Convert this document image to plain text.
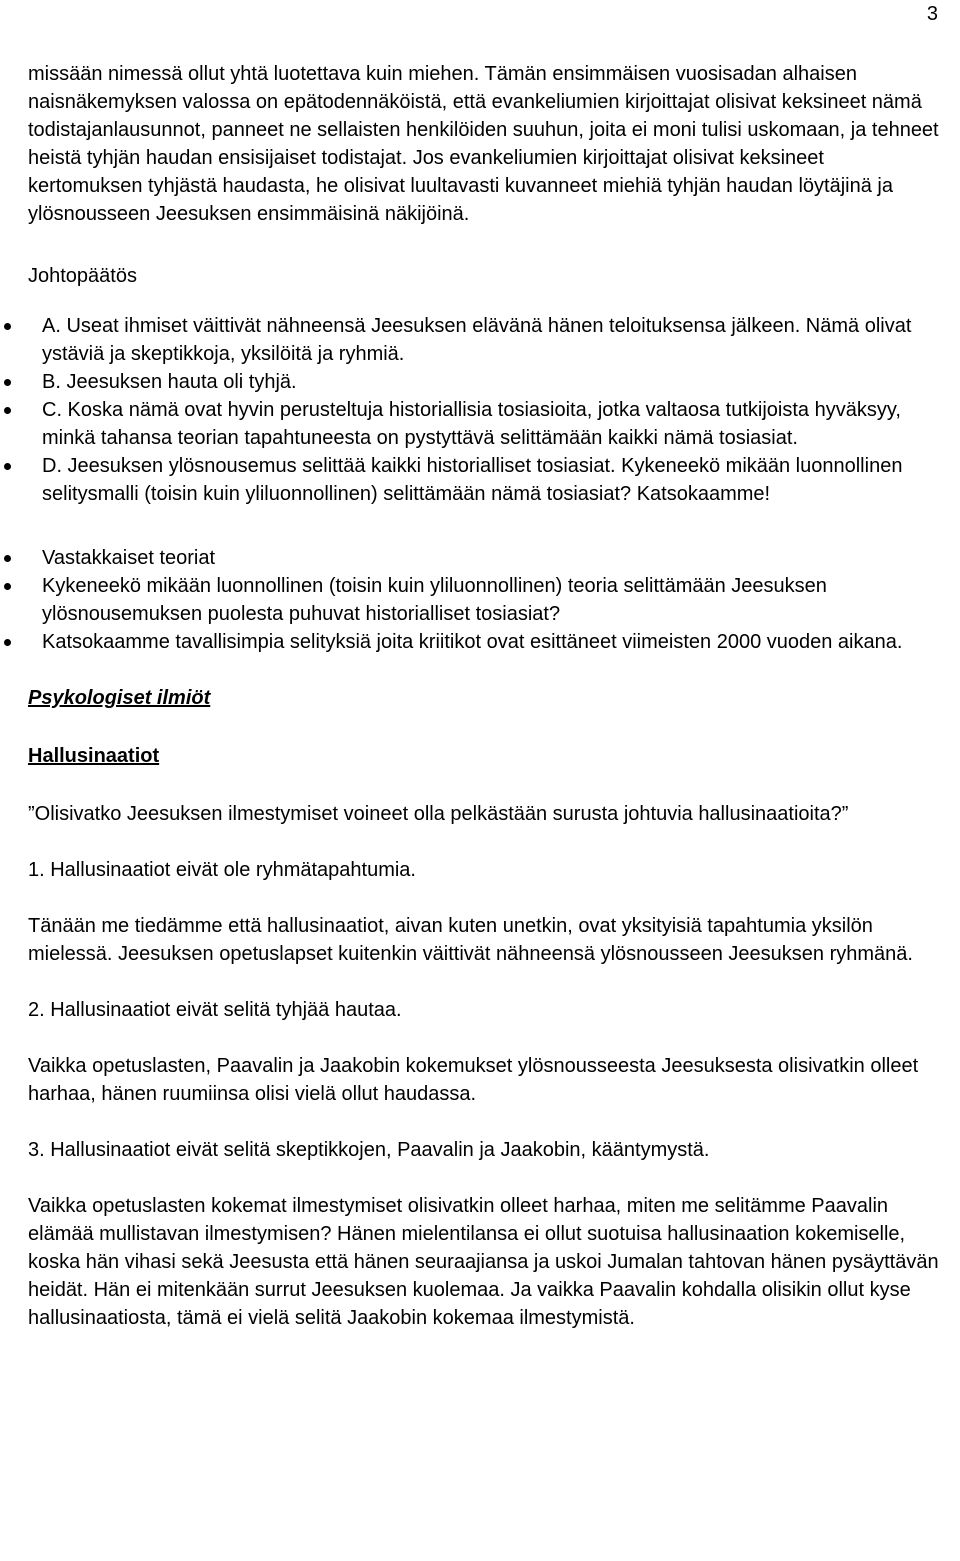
3

missään nimessä ollut yhtä luotettava kuin miehen. Tämän ensimmäisen vuosisadan alhaisen naisnäkemyksen valossa on epätodennäköistä, että evankeliumien kirjoittajat olisivat keksineet nämä todistajanlausunnot, panneet ne sellaisten henkilöiden suuhun, joita ei moni tulisi uskomaan, ja tehneet heistä tyhjän haudan ensisijaiset todistajat. Jos evankeliumien kirjoittajat olisivat keksineet kertomuksen tyhjästä haudasta, he olisivat luultavasti kuvanneet miehiä tyhjän haudan löytäjinä ja ylösnousseen Jeesuksen ensimmäisinä näkijöinä.

Johtopäätös

A. Useat ihmiset väittivät nähneensä Jeesuksen elävänä hänen teloituksensa jälkeen. Nämä olivat ystäviä ja skeptikkoja, yksilöitä ja ryhmiä.
B. Jeesuksen hauta oli tyhjä.
C. Koska nämä ovat hyvin perusteltuja historiallisia tosiasioita, jotka valtaosa tutkijoista hyväksyy, minkä tahansa teorian tapahtuneesta on pystyttävä selittämään kaikki nämä tosiasiat.
D. Jeesuksen ylösnousemus selittää kaikki historialliset tosiasiat. Kykeneekö mikään luonnollinen selitysmalli (toisin kuin yliluonnollinen) selittämään nämä tosiasiat? Katsokaamme!
Vastakkaiset teoriat
Kykeneekö mikään luonnollinen (toisin kuin yliluonnollinen) teoria selittämään Jeesuksen ylösnousemuksen puolesta puhuvat historialliset tosiasiat?
Katsokaamme tavallisimpia selityksiä joita kriitikot ovat esittäneet viimeisten 2000 vuoden aikana.

Psykologiset ilmiöt

Hallusinaatiot

”Olisivatko Jeesuksen ilmestymiset voineet olla pelkästään surusta johtuvia hallusinaatioita?”

1. Hallusinaatiot eivät ole ryhmätapahtumia.

Tänään me tiedämme että hallusinaatiot, aivan kuten unetkin, ovat yksityisiä tapahtumia yksilön mielessä. Jeesuksen opetuslapset kuitenkin väittivät nähneensä ylösnousseen Jeesuksen ryhmänä.

2. Hallusinaatiot eivät selitä tyhjää hautaa.

Vaikka opetuslasten, Paavalin ja Jaakobin kokemukset ylösnousseesta Jeesuksesta olisivatkin olleet harhaa, hänen ruumiinsa olisi vielä ollut haudassa.

3. Hallusinaatiot eivät selitä skeptikkojen, Paavalin ja Jaakobin, kääntymystä.

Vaikka opetuslasten kokemat ilmestymiset olisivatkin olleet harhaa, miten me selitämme Paavalin elämää mullistavan ilmestymisen? Hänen mielentilansa ei ollut suotuisa hallusinaation kokemiselle, koska hän vihasi sekä Jeesusta että hänen seuraajiansa ja uskoi Jumalan tahtovan hänen pysäyttävän heidät. Hän ei mitenkään surrut Jeesuksen kuolemaa. Ja vaikka Paavalin kohdalla olisikin ollut kyse hallusinaatiosta, tämä ei vielä selitä Jaakobin kokemaa ilmestymistä.
